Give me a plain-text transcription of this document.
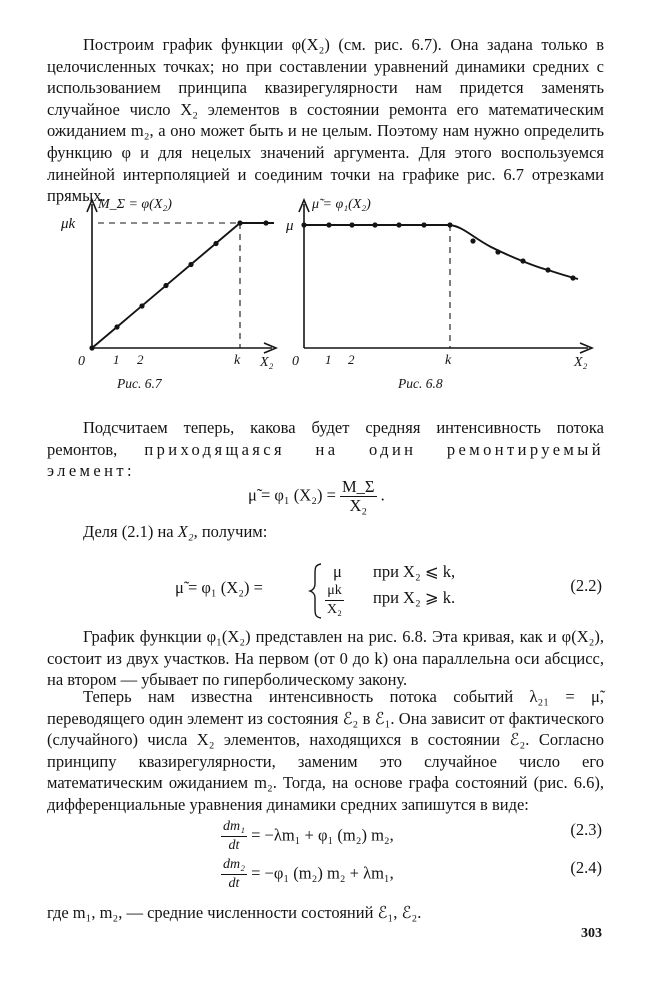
Построим график функции φ(X₂) (см. рис. 6.7). Она задана только в целочисленных точках; но при составлении уравнений динамики средних с использованием принципа квазирегулярности нам придется заменять случайное число X₂ элементов в состоянии ремонта его математическим ожиданием m₂, а оно может быть и не целым. Поэтому нам нужно определить функцию φ и для нецелых значений аргумента. Для этого воспользуемся линейной интерполяцией и соединим точки на графике рис. 6.7 отрезками прямых.

M_Σ = φ(X₂)
μk
0 1 2	k X₂
Рис. 6.7
μ̃ = φ₁(X₂)
μ
0 1 2	k	X₂
Рис. 6.8

Подсчитаем теперь, какова будет средняя интенсивность потока ремонтов, приходящаяся на один ремонтируемый элемент:

μ̃ = φ₁ $(X_2) = \frac{M\_\Sigma}{\text{X₂}}$ .

Деля (2.1) на X₂, получим:

μ̃ = φ₁ (X₂) =
μ при X₂ ⩽ k,
$\frac{\mu k}{\text{X₂}}$ при X₂ ⩾ k.
(2.2)

График функции φ₁(X₂) представлен на рис. 6.8. Эта кривая, как и φ(X₂), состоит из двух участков. На первом (от 0 до k) она параллельна оси абсцисс, на втором — убывает по гиперболическому закону.

Теперь нам известна интенсивность потока событий λ₂₁ = μ̃, переводящего один элемент из состояния ℰ₂ в ℰ₁. Она зависит от фактического (случайного) числа X₂ элементов, находящихся в состоянии ℰ₂. Согласно принципу квазирегулярности, заменим это случайное число его математическим ожиданием m₂. Тогда, на основе графа состояний (рис. 6.6), дифференциальные уравнения динамики средних запишутся в виде:

$\frac{\text{dm₁}}{dt} = -\lambda m_1 + \varphi_1$ (m₂) m₂,	(2.3)
$\frac{\text{dm₂}}{dt} = -\varphi_1$ (m₂) m₂ + λm₁,	(2.4)

где m₁, m₂, — средние численности состояний ℰ₁, ℰ₂.

303
